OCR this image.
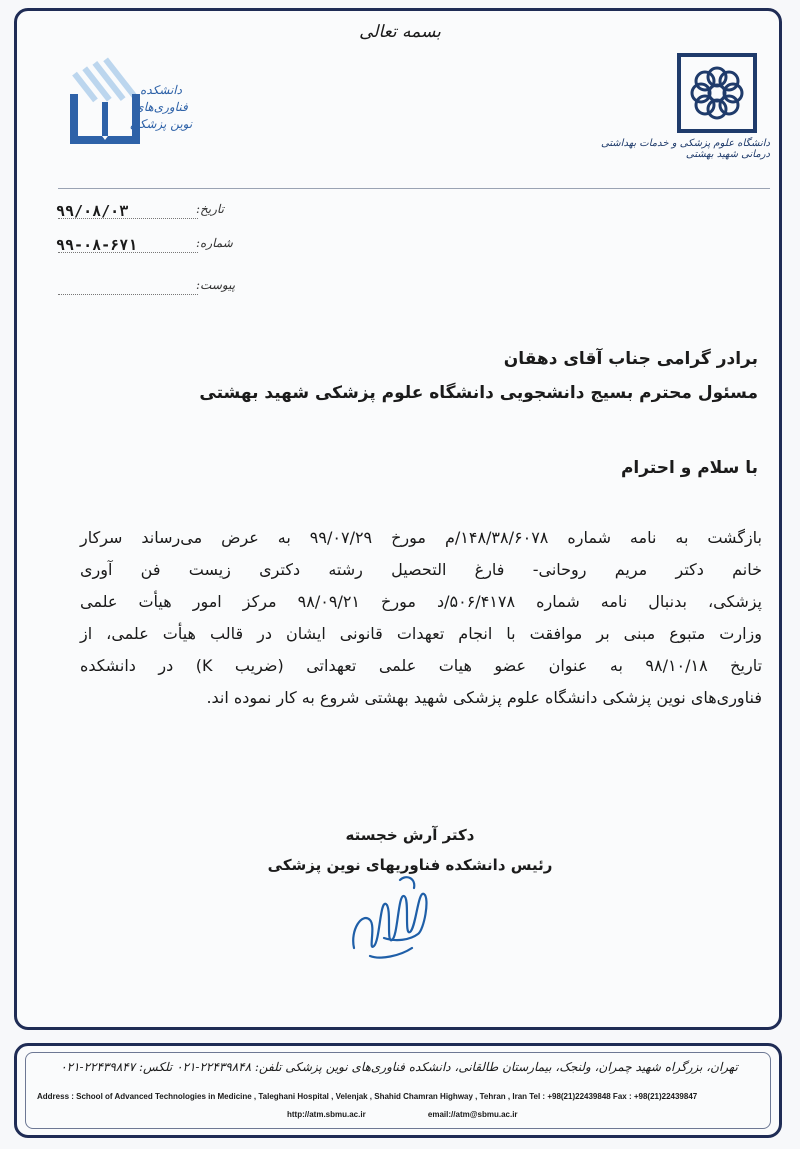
بسمه تعالی
دانشکده
فناوری‌های
نوین پزشکی
دانشگاه علوم پزشکی و خدمات بهداشتی درمانی شهید بهشتی
۹۹/۰۸/۰۳	تاریخ:
۹۹-۰۸-۶۷۱	شماره:
پیوست:
برادر گرامی جناب آقای دهقان
مسئول محترم بسیج دانشجویی دانشگاه علوم پزشکی شهید بهشتی
با سلام و احترام
بازگشت به نامه شماره ۱۴۸/۳۸/۶۰۷۸/م مورخ ۹۹/۰۷/۲۹ به عرض می‌رساند سرکار
خانم دکتر مریم روحانی- فارغ التحصیل رشته دکتری زیست فن آوری
پزشکی، بدنبال نامه شماره ۵۰۶/۴۱۷۸/د مورخ ۹۸/۰۹/۲۱ مرکز امور هیأت علمی
وزارت متبوع مبنی بر موافقت با انجام تعهدات قانونی ایشان در قالب هیأت علمی، از
تاریخ ۹۸/۱۰/۱۸ به عنوان عضو هیات علمی تعهداتی (ضریب K) در دانشکده
فناوری‌های نوین پزشکی دانشگاه علوم پزشکی شهید بهشتی شروع به کار نموده اند.
دکتر آرش خجسته
رئیس دانشکده فناوریهای نوین پزشکی
تهران، بزرگراه شهید چمران، ولنجک، بیمارستان طالقانی، دانشکده فناوری‌های نوین پزشکی تلفن: ۲۲۴۳۹۸۴۸-۰۲۱ تلکس: ۲۲۴۳۹۸۴۷-۰۲۱
Address : School of Advanced Technologies in Medicine , Taleghani Hospital , Velenjak , Shahid Chamran Highway , Tehran , Iran Tel : +98(21)22439848 Fax : +98(21)22439847
http://atm.sbmu.ac.ir	email://atm@sbmu.ac.ir
